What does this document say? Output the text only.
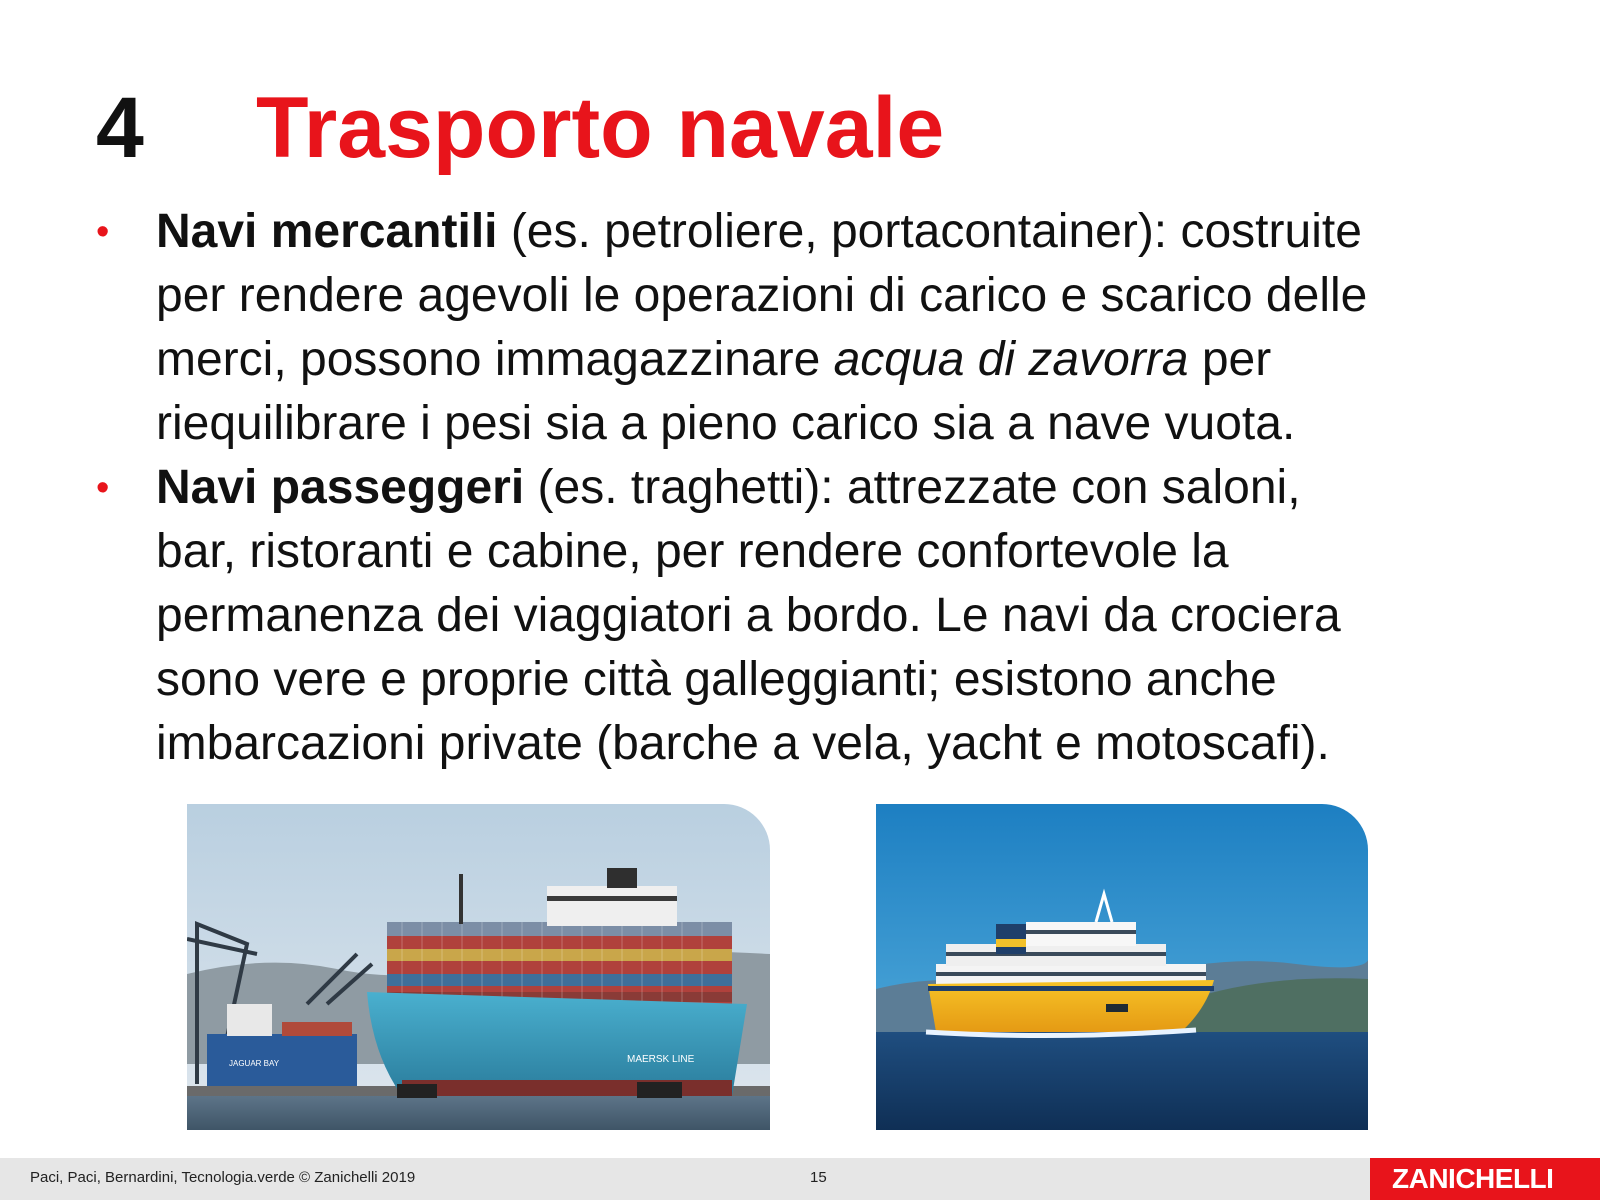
4 Trasporto navale
• Navi mercantili (es. petroliere, portacontainer): costruite
per rendere agevoli le operazioni di carico e scarico delle
merci, possono immagazzinare acqua di zavorra per
riequilibrare i pesi sia a pieno carico sia a nave vuota.
• Navi passeggeri (es. traghetti): attrezzate con saloni,
bar, ristoranti e cabine, per rendere confortevole la
permanenza dei viaggiatori a bordo. Le navi da crociera
sono vere e proprie città galleggianti; esistono anche
imbarcazioni private (barche a vela, yacht e motoscafi).
MAERSK LINE
JAGUAR BAY
Paci, Paci, Bernardini, Tecnologia.verde © Zanichelli 2019	15	ZANICHELLI
